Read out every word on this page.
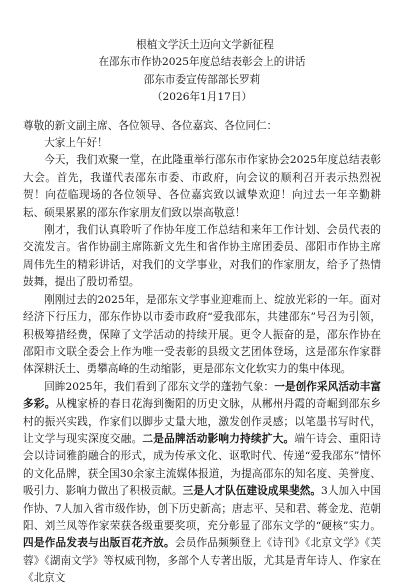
根植文学沃土迈向文学新征程
在邵东市作协2025年度总结表彰会上的讲话
邵东市委宣传部部长罗莉
（2026年1月17日）
尊敬的新文副主席、各位领导、各位嘉宾、各位同仁：
大家上午好！

今天，我们欢聚一堂，在此隆重举行邵东市作家协会2025年度总结表彰大会。首先，我谨代表邵东市委、市政府，向会议的顺利召开表示热烈祝贺！向莅临现场的各位领导、各位嘉宾致以诚挚欢迎！向过去一年辛勤耕耘、硕果累累的邵东作家朋友们致以崇高敬意！

刚才，我们认真聆听了作协年度工作总结和来年工作计划、会员代表的交流发言。省作协副主席陈新文先生和省作协主席团委员、邵阳市作协主席周伟先生的精彩讲话，对我们的文学事业，对我们的作家朋友，给予了热情鼓舞，提出了殷切希望。

刚刚过去的2025年，是邵东文学事业迎难而上、绽放光彩的一年。面对经济下行压力，邵东作协以市委市政府“爱我邵东，共建邵东”号召为引领，积极筹措经费，保障了文学活动的持续开展。更令人振奋的是，邵东作协在邵阳市文联全委会上作为唯一受表彰的县级文艺团体登场，这是邵东作家群体深耕沃土、勇攀高峰的生动缩影，更是邵东文化软实力的集中体现。

回眸2025年，我们看到了邵东文学的蓬勃气象：一是创作采风活动丰富多彩。从槐家桥的春日花海到衡阳的历史文脉，从郴州丹霞的奇崛到邵东乡村的振兴实践，作家们以脚步丈量大地，激发创作灵感；以笔墨书写时代，让文学与现实深度交融。二是品牌活动影响力持续扩大。端午诗会、重阳诗会以诗词雅韵融合的形式，成为传承文化、讴歌时代、传递“爱我邵东”情怀的文化品牌，获全国30余家主流媒体报道，为提高邵东的知名度、美誉度、吸引力、影响力做出了积极贡献。三是人才队伍建设成果斐然。3人加入中国作协、7人加入省市级作协，创下历史新高；唐志平、吴和君、蒋金龙、范朝阳、刘兰凤等作家荣获各级重要奖项，充分彰显了邵东文学的“硬核”实力。四是作品发表与出版百花齐放。会员作品频频登上《诗刊》《北京文学》《芙蓉》《湖南文学》等权威刊物，多部个人专著出版，尤其是青年诗人、作家在《北京文
